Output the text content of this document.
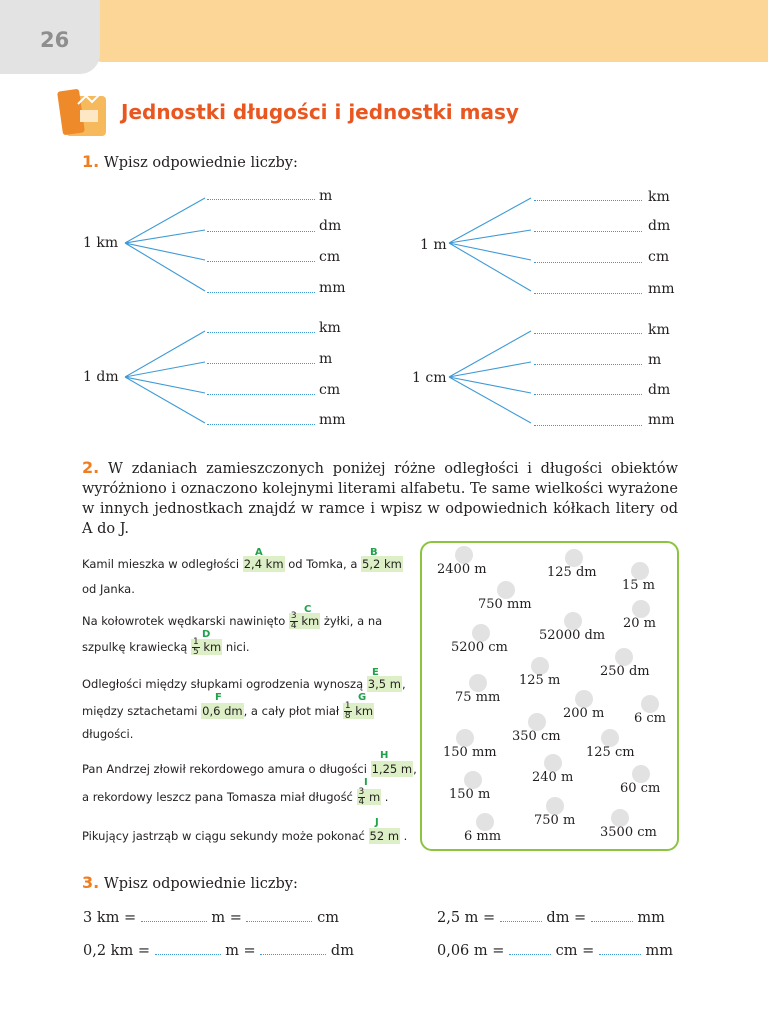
26
Jednostki długości i jednostki masy
1. Wpisz odpowiednie liczby:
1 km
m
dm
cm
mm
1 m
km
dm
cm
mm
1 dm
km
m
cm
mm
1 cm
km
m
dm
mm
2. W zdaniach zamieszczonych poniżej różne odległości i długości obiektów wyróżniono i oznaczono kolejnymi literami alfabetu. Te same wielkości wyrażone w innych jednostkach znajdź w ramce i wpisz w odpowiednich kółkach litery od A do J.
Kamil mieszka w odległości 2,4 km od Tomka, a 5,2 km
A	B
od Janka.
Na kołowrotek wędkarski nawinięto $\frac{3}{4}$ km żyłki, a na
C
szpulkę krawiecką $\frac{1}{5}$ km nici.
D
Odległości między słupkami ogrodzenia wynoszą 3,5 m,
E
między sztachetami 0,6 dm, a cały płot miał $\frac{1}{8}$ km
F	G
długości.
Pan Andrzej złowił rekordowego amura o długości 1,25 m,
H
a rekordowy leszcz pana Tomasza miał długość $\frac{3}{4}$ m .
I
Pikujący jastrząb w ciągu sekundy może pokonać 52 m .
J
2400 m	125 dm
15 m
750 mm
20 m
52000 dm
5200 cm
250 dm
125 m
75 mm
200 m 6 cm
350 cm
150 mm	125 cm
240 m
60 cm
150 m
750 m
3500 cm
6 mm
3. Wpisz odpowiednie liczby:
3 km =	m =	cm	2,5 m =	dm =	mm
0,2 km =	m =	dm	0,06 m =	cm =	mm
